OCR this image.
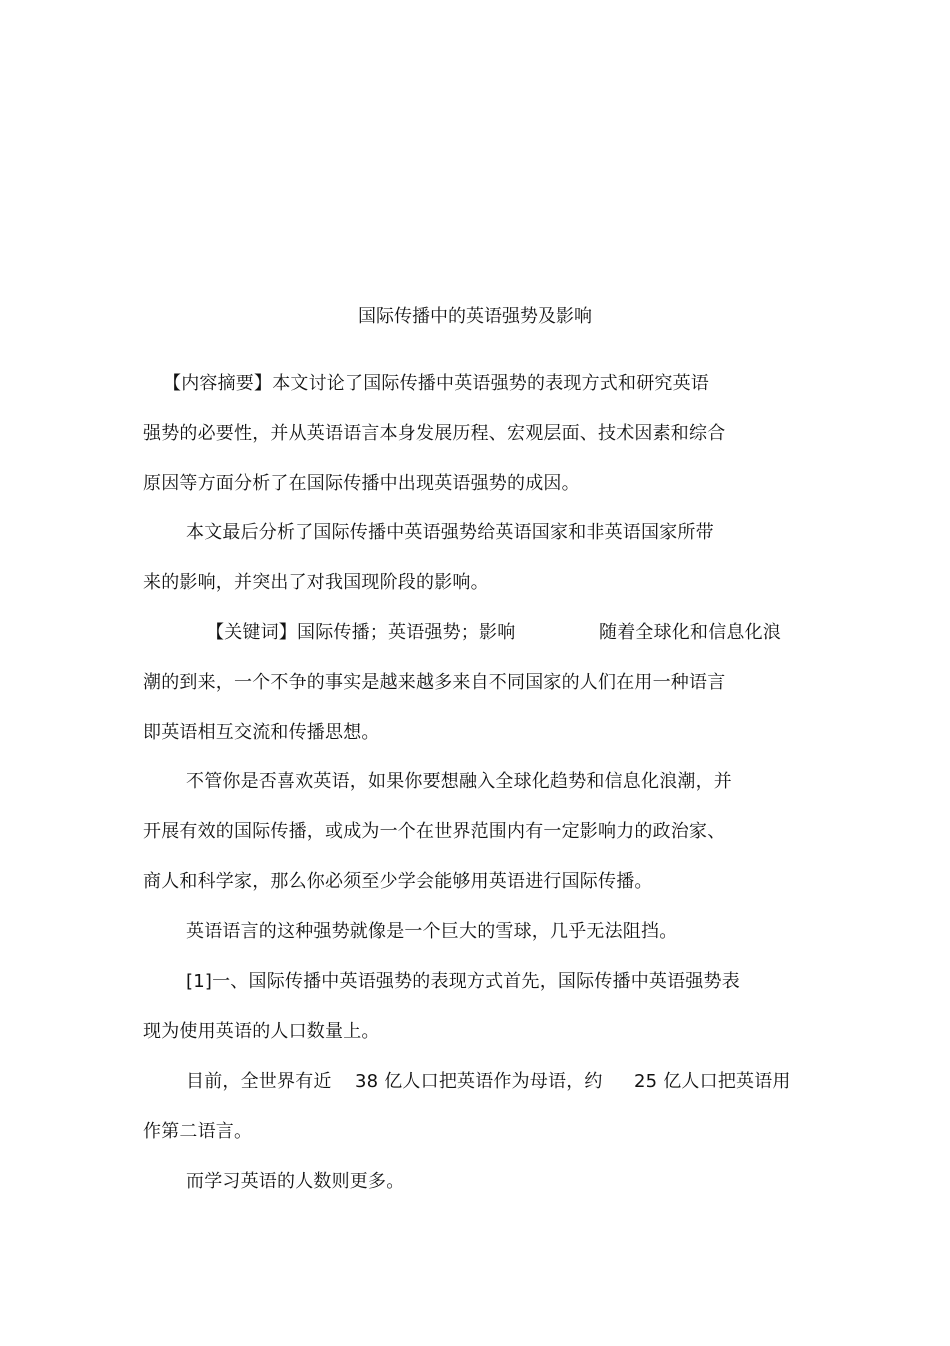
国际传播中的英语强势及影响
【内容摘要】本文讨论了国际传播中英语强势的表现方式和研究英语
强势的必要性，并从英语语言本身发展历程、宏观层面、技术因素和综合
原因等方面分析了在国际传播中出现英语强势的成因。
本文最后分析了国际传播中英语强势给英语国家和非英语国家所带
来的影响，并突出了对我国现阶段的影响。
【关键词】国际传播；英语强势；影响	随着全球化和信息化浪
潮的到来，一个不争的事实是越来越多来自不同国家的人们在用一种语言
即英语相互交流和传播思想。
不管你是否喜欢英语，如果你要想融入全球化趋势和信息化浪潮，并
开展有效的国际传播，或成为一个在世界范围内有一定影响力的政治家、
商人和科学家，那么你必须至少学会能够用英语进行国际传播。
英语语言的这种强势就像是一个巨大的雪球，几乎无法阻挡。
[1]一、国际传播中英语强势的表现方式首先，国际传播中英语强势表
现为使用英语的人口数量上。
目前，全世界有近 38 亿人口把英语作为母语，约 25 亿人口把英语用
作第二语言。
而学习英语的人数则更多。
